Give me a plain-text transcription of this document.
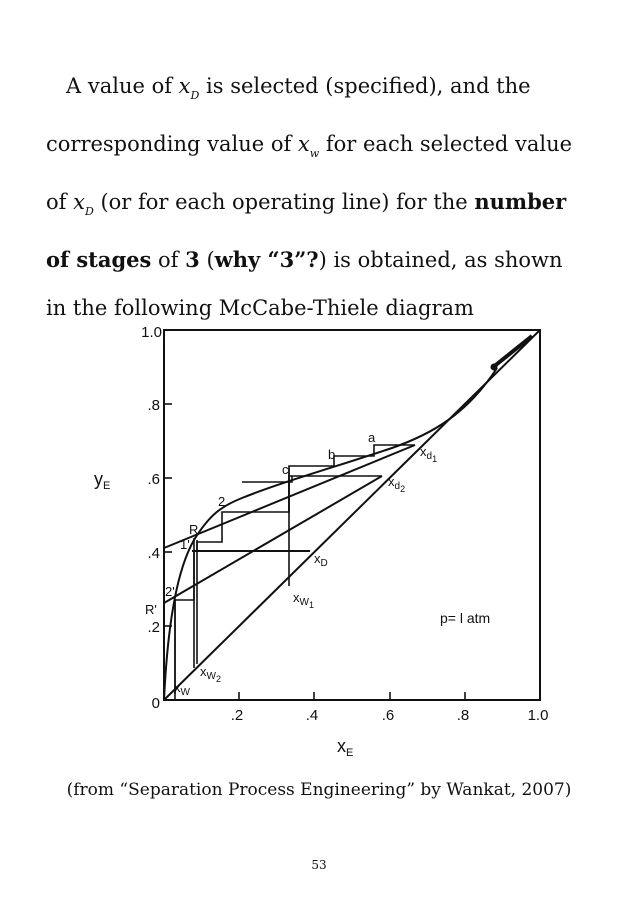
A value of $x_D$ is selected (specified), and the
corresponding value of $x_w$ for each selected value
of $x_D$ (or for each operating line) for the number
of stages of 3 (why “3”?) is obtained, as shown
in the following McCabe-Thiele diagram
1.0
.8
.6
.4
.2
0
.2	.4	.6	.8	1.0
$y_E$
$x_E$
a
b
c
2
R
1'
2'
R'
$x_{d1}$
$x_{d2}$
$x_D$
$x_{W1}$
$x_{W2}$
$x_W$
p= l atm
(from “Separation Process Engineering” by Wankat, 2007)
53
